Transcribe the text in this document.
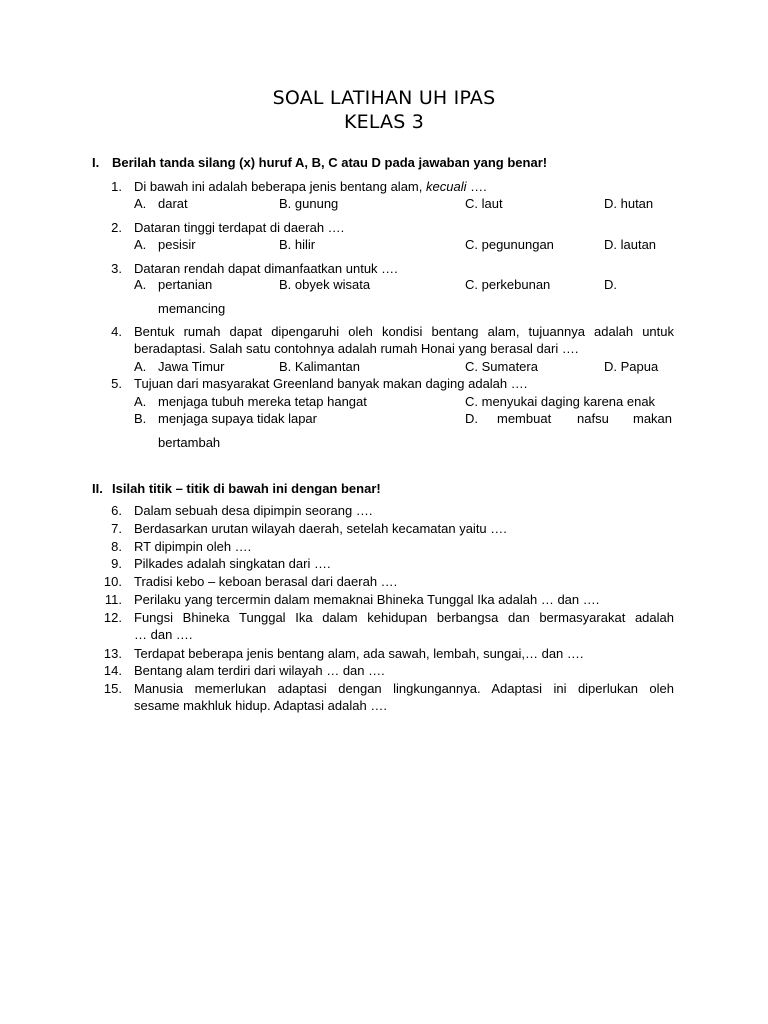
SOAL LATIHAN UH IPAS
KELAS 3
I. Berilah tanda silang (x) huruf A, B, C atau D pada jawaban yang benar!
1. Di bawah ini adalah beberapa jenis bentang alam, kecuali ….
A. darat	B. gunung	C. laut	D. hutan
2. Dataran tinggi terdapat di daerah ….
A. pesisir	B. hilir	C. pegunungan	D. lautan
3. Dataran rendah dapat dimanfaatkan untuk ….
A. pertanian	B. obyek wisata	C. perkebunan	D.
memancing
4. Bentuk rumah dapat dipengaruhi oleh kondisi bentang alam, tujuannya adalah untuk
beradaptasi. Salah satu contohnya adalah rumah Honai yang berasal dari ….
A. Jawa Timur	B. Kalimantan	C. Sumatera	D. Papua
5. Tujuan dari masyarakat Greenland banyak makan daging adalah ….
A. menjaga tubuh mereka tetap hangat	C. menyukai daging karena enak
B. menjaga supaya tidak lapar	D. membuat nafsu makan
bertambah
II. Isilah titik – titik di bawah ini dengan benar!
6. Dalam sebuah desa dipimpin seorang ….
7. Berdasarkan urutan wilayah daerah, setelah kecamatan yaitu ….
8. RT dipimpin oleh ….
9. Pilkades adalah singkatan dari ….
10. Tradisi kebo – keboan berasal dari daerah ….
11. Perilaku yang tercermin dalam memaknai Bhineka Tunggal Ika adalah … dan ….
12. Fungsi Bhineka Tunggal Ika dalam kehidupan berbangsa dan bermasyarakat adalah
… dan ….
13. Terdapat beberapa jenis bentang alam, ada sawah, lembah, sungai,… dan ….
14. Bentang alam terdiri dari wilayah … dan ….
15. Manusia memerlukan adaptasi dengan lingkungannya. Adaptasi ini diperlukan oleh
sesame makhluk hidup. Adaptasi adalah ….
